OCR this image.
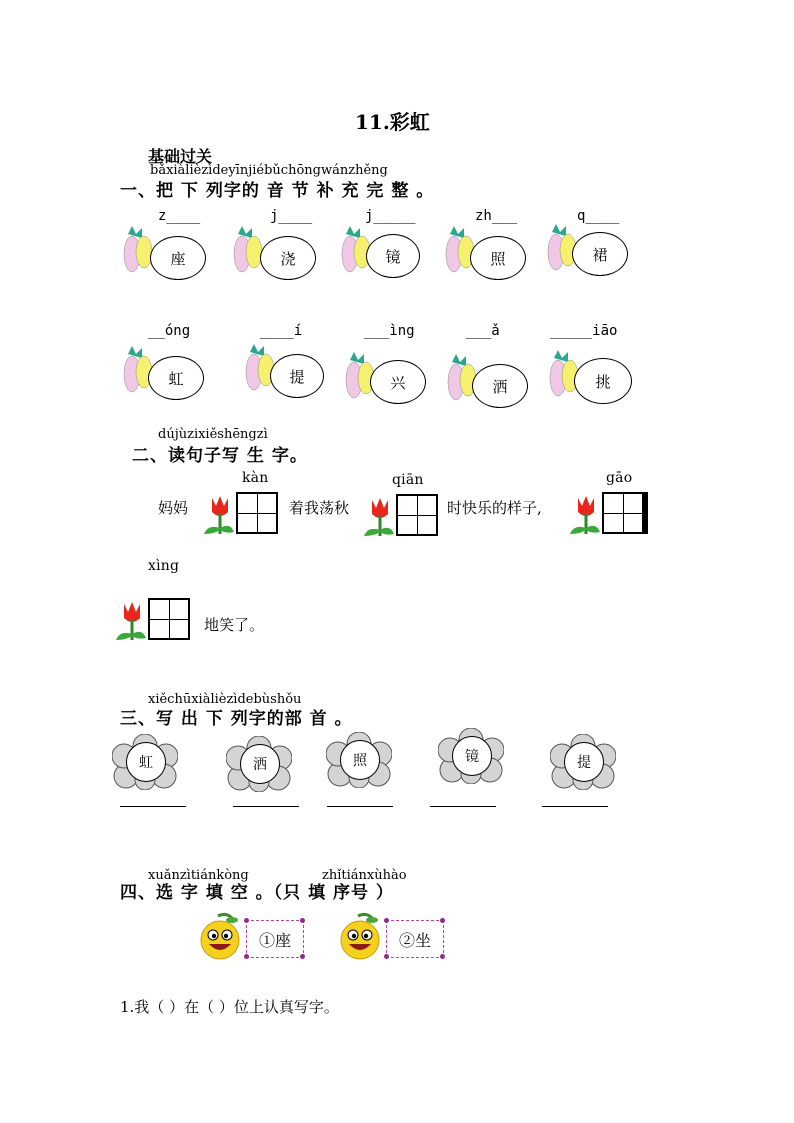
11.彩虹
基础过关
bǎxiàlièzìdeyīnjiébǔchōngwánzhěng
一、把 下 列字的 音 节 补 充 完 整 。
z____	j____	j_____	zh___	q____
座	浇	镜	照	裙
__óng	____í	___ìng	___ǎ	_____iāo
虹	提	兴	洒	挑
dújùzixiěshēngzì
二、读句子写 生 字。
kàn	qiān	gāo
妈妈	着我荡秋	时快乐的样子,
xìng
地笑了。
xiěchūxiàlièzìdebùshǒu
三、写 出 下 列字的部 首 。
虹	洒	照	镜	提
xuǎnzìtiánkòng	zhǐtiánxùhào
四、选 字 填 空 。（只 填 序号 ）
①座	②坐
1.我（ ）在（ ）位上认真写字。
